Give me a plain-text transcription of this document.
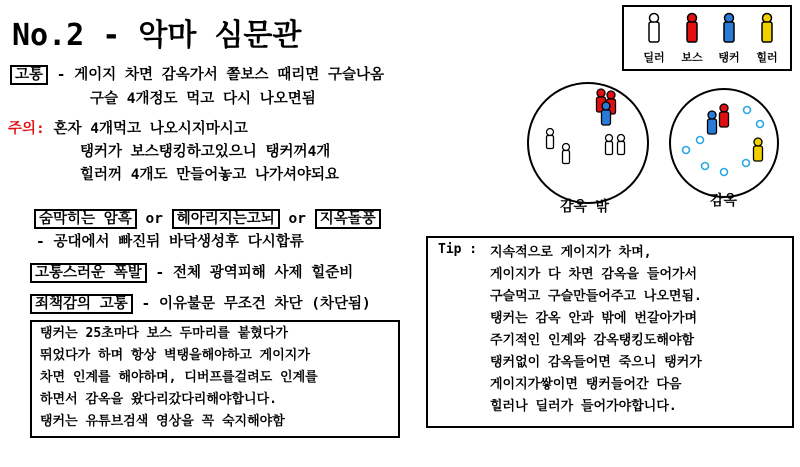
No.2 - 악마 심문관
딜러 보스 탱커 힐러
고통 - 게이지 차면 감옥가서 쫄보스 때리면 구슬나옴
구슬 4개정도 먹고 다시 나오면됨
주의: 혼자 4개먹고 나오시지마시고
탱커가 보스탱킹하고있으니 탱커꺼4개
힐러꺼 4개도 만들어놓고 나가셔야되요
감옥 밖	감옥
숨막히는 암흑 or 헤아리지는고뇌 or 지옥돌풍
- 공대에서 빠진뒤 바닥생성후 다시합류
고통스러운 폭발 - 전체 광역피해 사제 힐준비
죄책감의 고통 - 이유불문 무조건 차단 (차단됨)

탱커는 25초마다 보스 두마리를 붙혔다가

뛰었다가 하며 항상 벽탱을해야하고 게이지가

차면 인계를 해야하며, 디버프를걸려도 인계를

하면서 감옥을 왔다리갔다리해야합니다.

탱커는 유튜브검색 영상을 꼭 숙지해야함

Tip : 지속적으로 게이지가 차며,

게이지가 다 차면 감옥을 들어가서

구슬먹고 구슬만들어주고 나오면됨.

탱커는 감옥 안과 밖에 번갈아가며

주기적인 인계와 감옥탱킹도해야함

탱커없이 감옥들어면 죽으니 탱커가

게이지가쌓이면 탱커들어간 다음

힐러나 딜러가 들어가야합니다.
